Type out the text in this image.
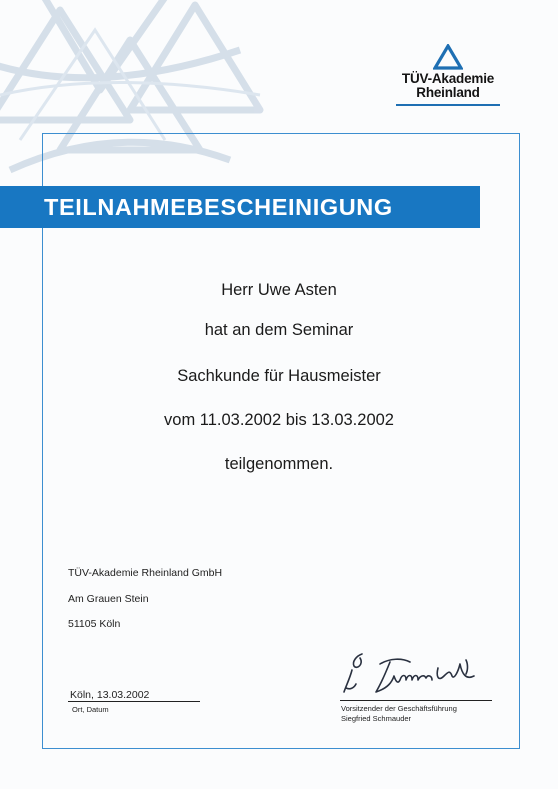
TÜV-Akademie
Rheinland
TEILNAHMEBESCHEINIGUNG
Herr Uwe Asten
hat an dem Seminar
Sachkunde für Hausmeister
vom 11.03.2002 bis 13.03.2002
teilgenommen.
TÜV-Akademie Rheinland GmbH
Am Grauen Stein
51105 Köln
Köln, 13.03.2002
Ort, Datum	Vorsitzender der Geschäftsführung
Siegfried Schmauder
